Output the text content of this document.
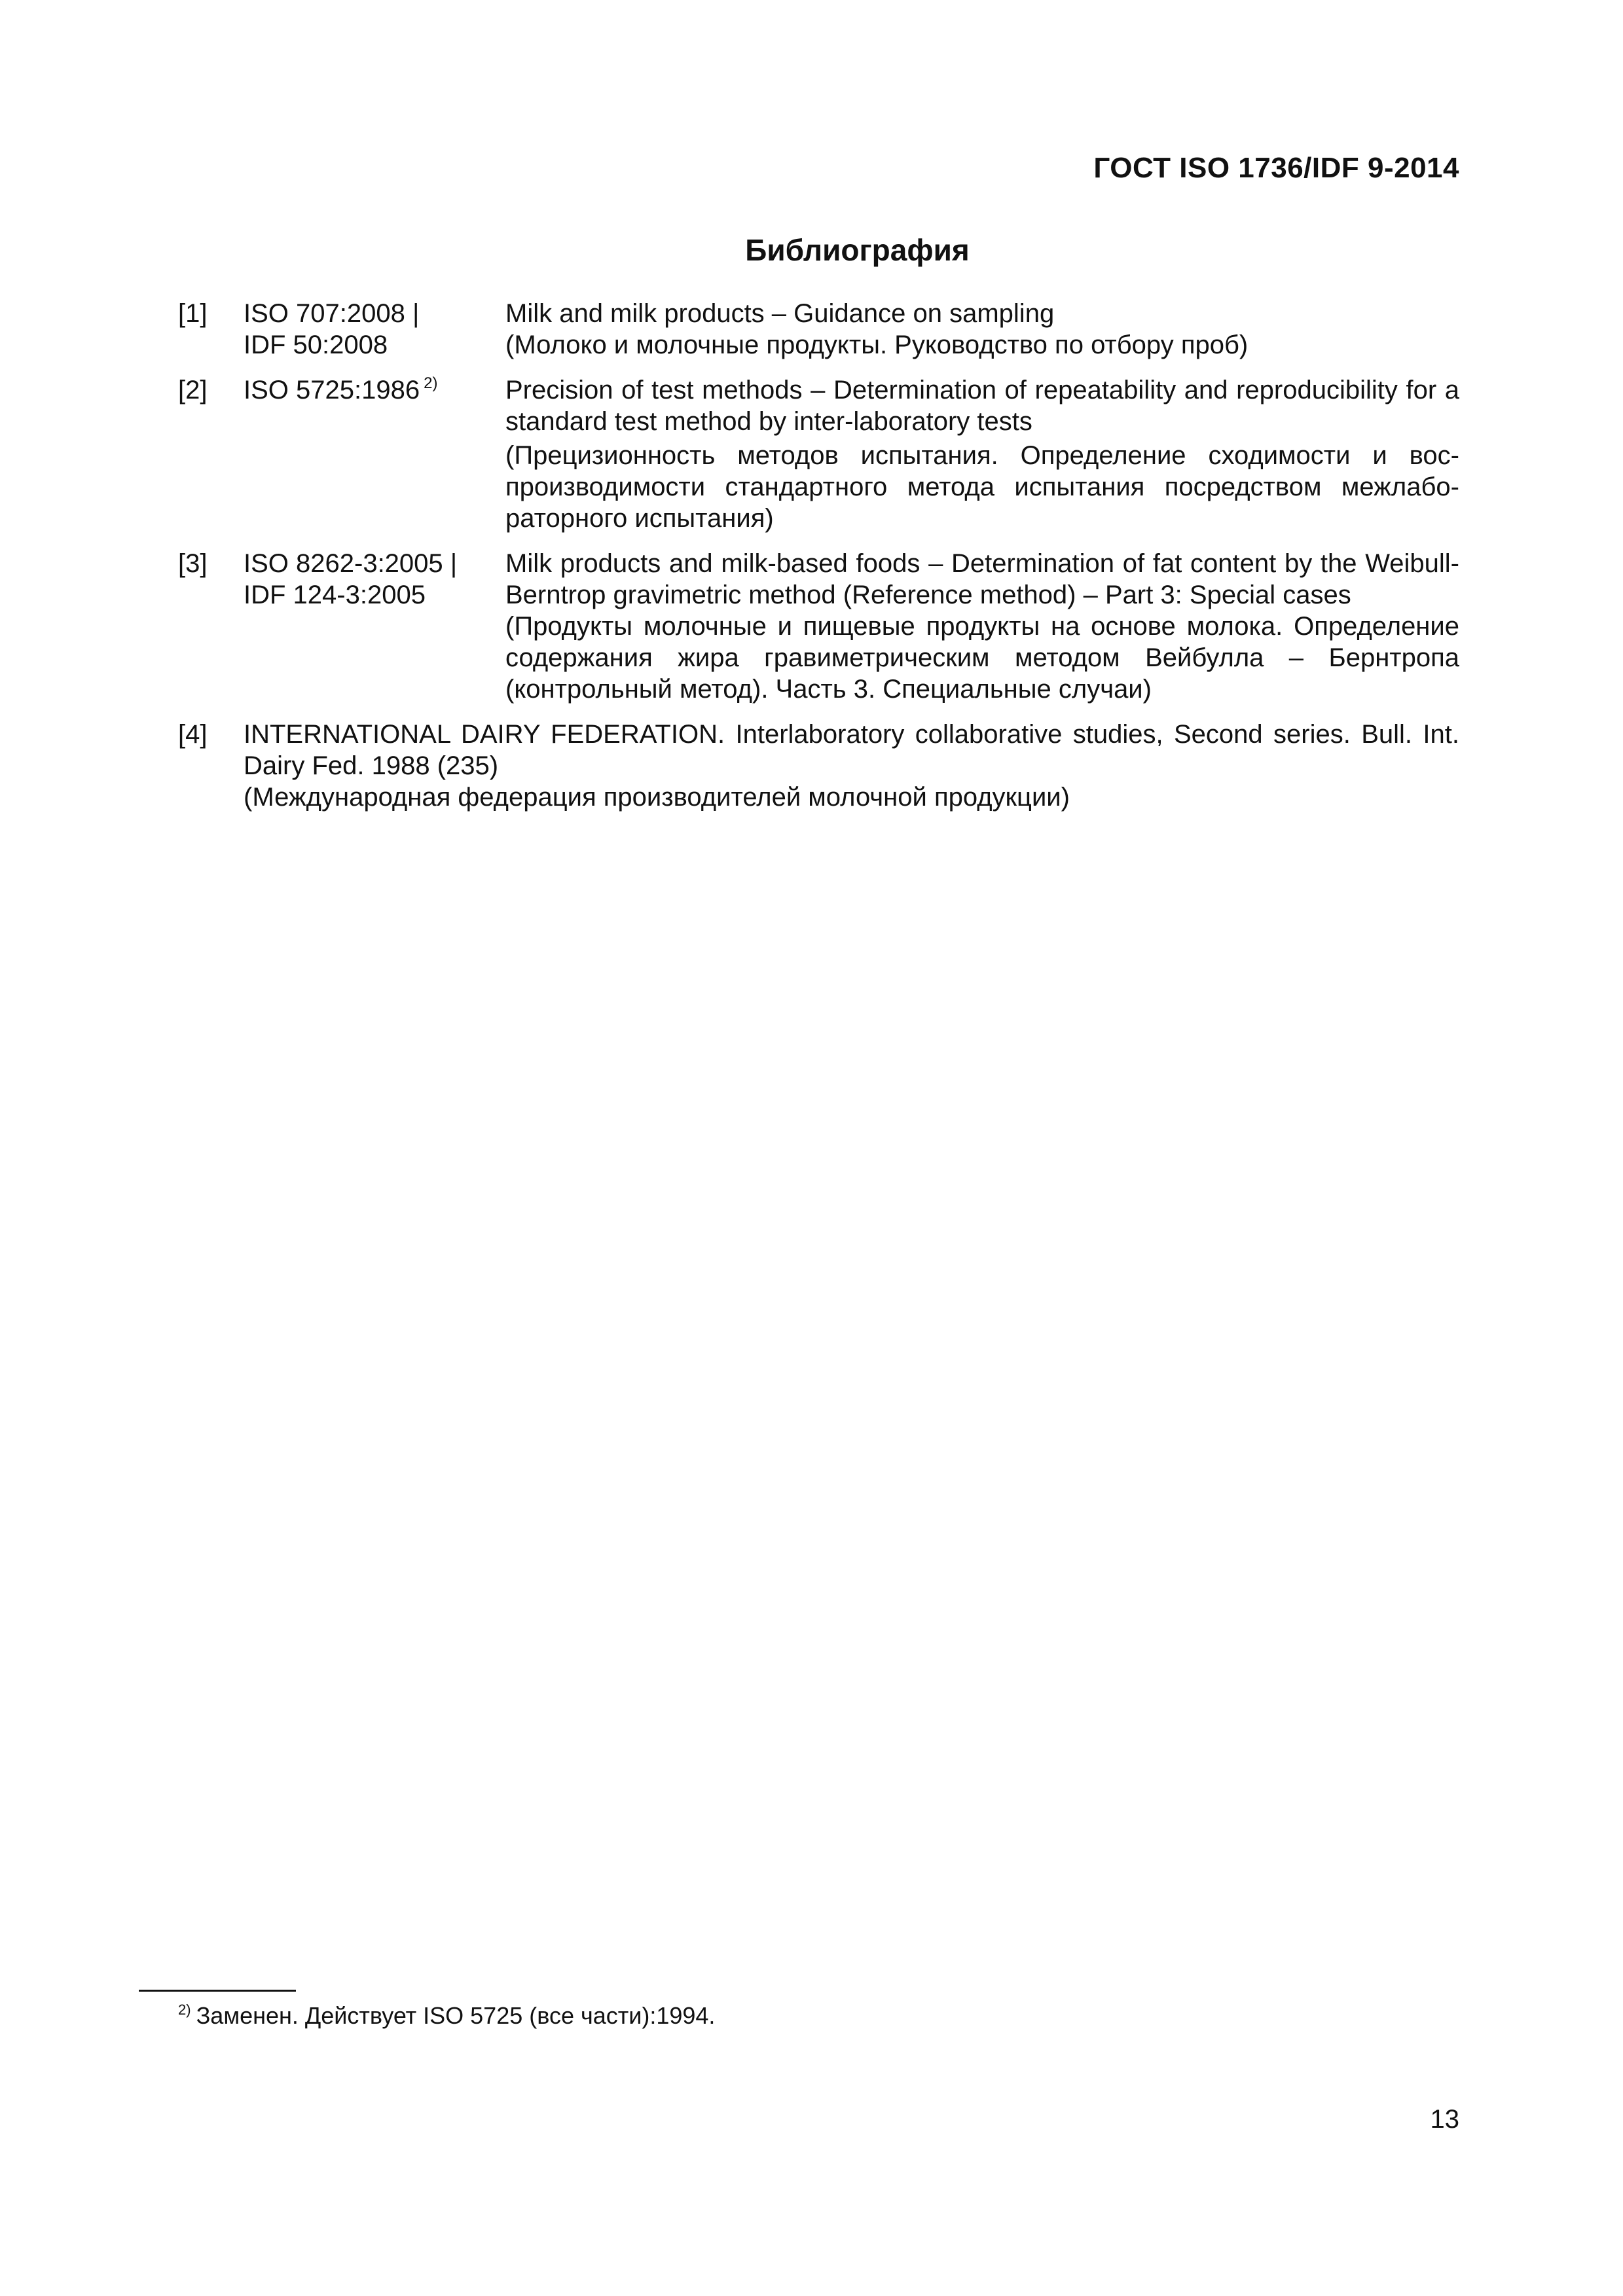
ГОСТ ISO 1736/IDF 9-2014
Библиография
[1] ISO 707:2008 |
IDF 50:2008

Milk and milk products – Guidance on sampling

(Молоко и молочные продукты. Руководство по отбору проб)

[2] ISO 5725:1986 $^{2)}$	Precision of test methods – Determination of repeatability and reproducibility for a standard test method by inter-laboratory tests

(Прецизионность методов испытания. Определение сходимости и воспроизводимости стандартного метода испытания посредством межлабораторного испытания)

[3] ISO 8262-3:2005 |
IDF 124-3:2005

Milk products and milk-based foods – Determination of fat content by the Weibull-Berntrop gravimetric method (Reference method) – Part 3: Special cases

(Продукты молочные и пищевые продукты на основе молока. Определение содержания жира гравиметрическим методом Вейбулла – Бернтропа (контрольный метод). Часть 3. Специальные случаи)

[4] INTERNATIONAL DAIRY FEDERATION. Interlaboratory collaborative studies, Second series. Bull. Int. Dairy Fed. 1988 (235)

(Международная федерация производителей молочной продукции)

$^{2)}$ Заменен. Действует ISO 5725 (все части):1994.
13
